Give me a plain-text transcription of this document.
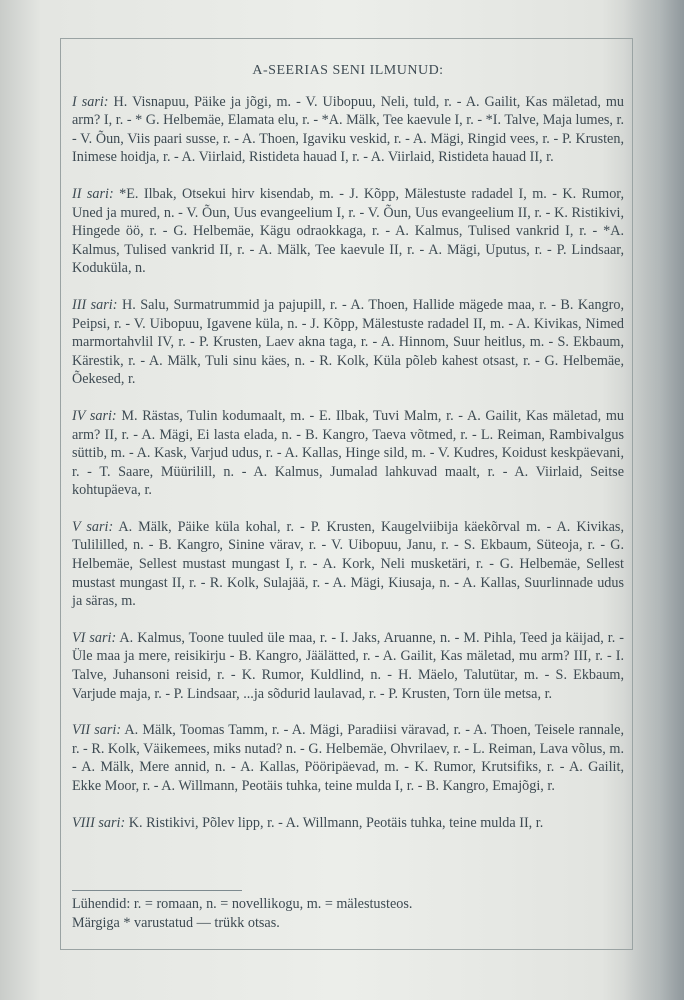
A-SEERIAS SENI ILMUNUD:

I sari: H. Visnapuu, Päike ja jõgi, m. - V. Uibopuu, Neli, tuld, r. - A. Gailit, Kas mäletad, mu arm? I, r. - * G. Helbemäe, Elamata elu, r. - *A. Mälk, Tee kaevule I, r. - *I. Talve, Maja lumes, r. - V. Õun, Viis paari susse, r. - A. Thoen, Igaviku veskid, r. - A. Mägi, Ringid vees, r. - P. Krusten, Inimese hoidja, r. - A. Viirlaid, Ristideta hauad I, r. - A. Viirlaid, Ristideta hauad II, r.

II sari: *E. Ilbak, Otsekui hirv kisendab, m. - J. Kõpp, Mälestuste radadel I, m. - K. Rumor, Uned ja mured, n. - V. Õun, Uus evangeelium I, r. - V. Õun, Uus evangeelium II, r. - K. Ristikivi, Hingede öö, r. - G. Helbemäe, Kägu odraokkaga, r. - A. Kalmus, Tulised vankrid I, r. - *A. Kalmus, Tulised vankrid II, r. - A. Mälk, Tee kaevule II, r. - A. Mägi, Uputus, r. - P. Lindsaar, Koduküla, n.

III sari: H. Salu, Surmatrummid ja pajupill, r. - A. Thoen, Hallide mägede maa, r. - B. Kangro, Peipsi, r. - V. Uibopuu, Igavene küla, n. - J. Kõpp, Mälestuste radadel II, m. - A. Kivikas, Nimed marmortahvlil IV, r. - P. Krusten, Laev akna taga, r. - A. Hinnom, Suur heitlus, m. - S. Ekbaum, Kärestik, r. - A. Mälk, Tuli sinu käes, n. - R. Kolk, Küla põleb kahest otsast, r. - G. Helbemäe, Õekesed, r.

IV sari: M. Rästas, Tulin kodumaalt, m. - E. Ilbak, Tuvi Malm, r. - A. Gailit, Kas mäletad, mu arm? II, r. - A. Mägi, Ei lasta elada, n. - B. Kangro, Taeva võtmed, r. - L. Reiman, Rambivalgus süttib, m. - A. Kask, Varjud udus, r. - A. Kallas, Hinge sild, m. - V. Kudres, Koidust keskpäevani, r. - T. Saare, Müürilill, n. - A. Kalmus, Jumalad lahkuvad maalt, r. - A. Viirlaid, Seitse kohtupäeva, r.

V sari: A. Mälk, Päike küla kohal, r. - P. Krusten, Kaugelviibija käekõrval m. - A. Kivikas, Tulililled, n. - B. Kangro, Sinine värav, r. - V. Uibopuu, Janu, r. - S. Ekbaum, Süteoja, r. - G. Helbemäe, Sellest mustast mungast I, r. - A. Kork, Neli musketäri, r. - G. Helbemäe, Sellest mustast mungast II, r. - R. Kolk, Sulajää, r. - A. Mägi, Kiusaja, n. - A. Kallas, Suurlinnade udus ja säras, m.

VI sari: A. Kalmus, Toone tuuled üle maa, r. - I. Jaks, Aruanne, n. - M. Pihla, Teed ja käijad, r. - Üle maa ja mere, reisikirju - B. Kangro, Jäälätted, r. - A. Gailit, Kas mäletad, mu arm? III, r. - I. Talve, Juhansoni reisid, r. - K. Rumor, Kuldlind, n. - H. Mäelo, Talutütar, m. - S. Ekbaum, Varjude maja, r. - P. Lindsaar, ...ja sõdurid laulavad, r. - P. Krusten, Torn üle metsa, r.

VII sari: A. Mälk, Toomas Tamm, r. - A. Mägi, Paradiisi väravad, r. - A. Thoen, Teisele rannale, r. - R. Kolk, Väikemees, miks nutad? n. - G. Helbemäe, Ohvrilaev, r. - L. Reiman, Lava võlus, m. - A. Mälk, Mere annid, n. - A. Kallas, Pööripäevad, m. - K. Rumor, Krutsifiks, r. - A. Gailit, Ekke Moor, r. - A. Willmann, Peotäis tuhka, teine mulda I, r. - B. Kangro, Emajõgi, r.

VIII sari: K. Ristikivi, Põlev lipp, r. - A. Willmann, Peotäis tuhka, teine mulda II, r.

Lühendid: r. = romaan, n. = novellikogu, m. = mälestusteos.
Märgiga * varustatud — trükk otsas.
